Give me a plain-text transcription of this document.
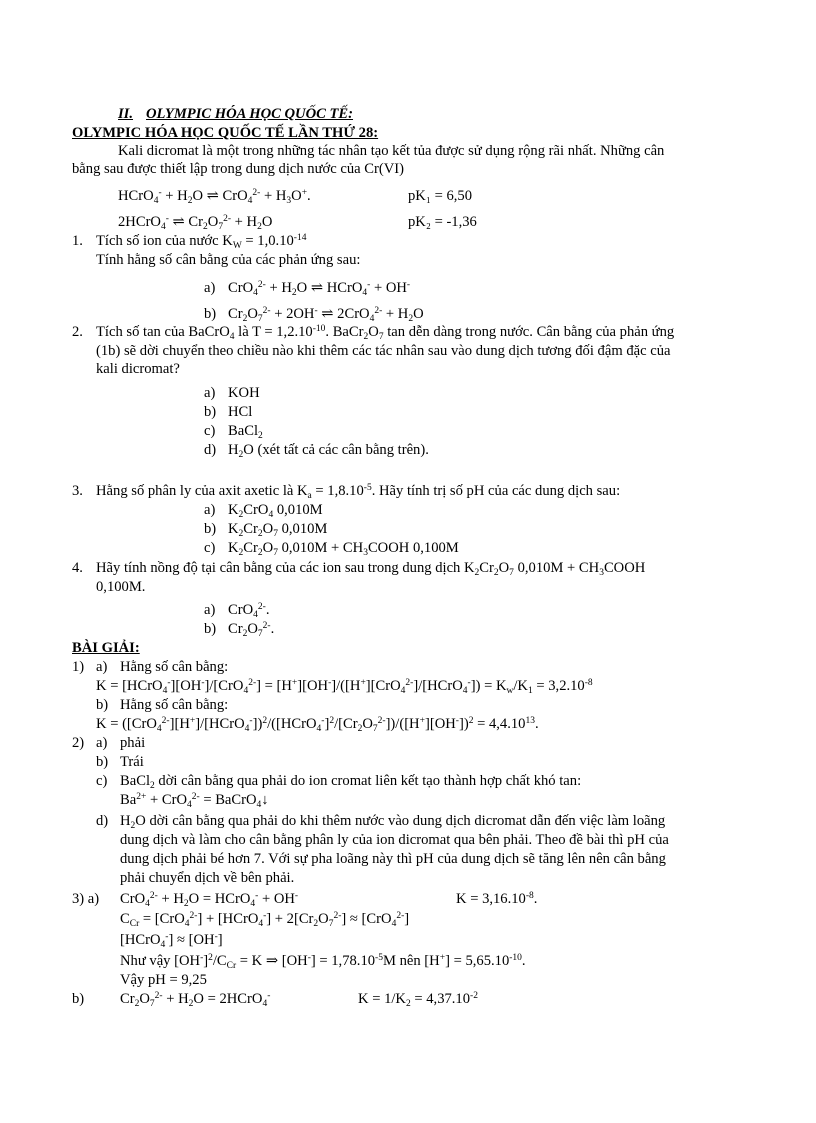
II. OLYMPIC HÓA HỌC QUỐC TẾ:
OLYMPIC HÓA HỌC QUỐC TẾ LẦN THỨ 28:
Kali dicromat là một trong những tác nhân tạo kết tủa được sử dụng rộng rãi nhất. Những cân
bằng sau được thiết lập trong dung dịch nước của Cr(VI)
HCrO$_4$- + $H_2O$ ⇌ $CrO_4^{2-} + H_3O^+$.	pK₁ = 6,50
2HCrO$_4$- ⇌ $Cr_2O_7^{2-} + H_2O$	pK₂ = -1,36
1. Tích số ion của nước $K_W = 1,0.10^{-14}$
Tính hằng số cân bằng của các phản ứng sau:
a) $CrO_4^{2-} + H_2O$ ⇌ HCrO$_4$- + OH-
b) $Cr_2O_7^{2-} + 2OH^-$ ⇌ $2CrO_4^{2-} + H_2O$
2. Tích số tan của BaCrO$_4$ là $T = 1,2.10^{-10}$. $BaCr_2O_7$ tan dễn dàng trong nước. Cân bằng của phản ứng
(1b) sẽ dời chuyển theo chiều nào khi thêm các tác nhân sau vào dung dịch tương đối đậm đặc của
kali dicromat?
a) KOH
b) HCl
c) BaCl$_2$
d) $H_2O$ (xét tất cả các cân bằng trên).
3. Hằng số phân ly của axit axetic là $K_a = 1,8.10^{-5}$. Hãy tính trị số pH của các dung dịch sau:
a) $K_2CrO_4$ 0,010M
b) $K_2Cr_2O_7$ 0,010M
c) $K_2Cr_2O_7$ $0,010M + CH_3COOH$ 0,100M
4. Hãy tính nồng độ tại cân bằng của các ion sau trong dung dịch $K_2Cr_2O_7$ $0,010M + CH_3COOH$
0,100M.
a) CrO$_4^{2-}$.
b) $Cr_2O_7^{2-}$.
BÀI GIẢI:
1) a) Hằng số cân bằng:
K = [HCrO$_4$-][OH-]/[CrO$_4^{2-}$] = [H+][OH-]/([H+][CrO$_4^{2-}$]/[HCrO$_4$-]) = $K_w/K_1 = 3,2.10^{-8}$
b) Hằng số cân bằng:
$K = ([CrO_4^{2-}][H^+]/[HCrO_4^-])^2/([HCrO_4^-]^2/[Cr_2O_7^{2-}])/([H^+][OH^-])^2 = 4,4.10^{13}$.
2) a) phải
b) Trái
c) BaCl$_2$ dời cân bằng qua phải do ion cromat liên kết tạo thành hợp chất khó tan:
$Ba^{2+} + CrO_4^{2-}$ = BaCrO$_4$↓
d) $H_2O$ dời cân bằng qua phải do khi thêm nước vào dung dịch dicromat dẫn đến việc làm loãng
dung dịch và làm cho cân bằng phân ly của ion dicromat qua bên phải. Theo đề bài thì pH của
dung dịch phải bé hơn 7. Với sự pha loãng này thì pH của dung dịch sẽ tăng lên nên cân bằng
phải chuyển dịch về bên phải.
3) a) $CrO_4^{2-} + H_2O$ = HCrO$_4$- + OH-	$K = 3,16.10^{-8}$.
$C_{Cr} = [CrO_4^{2-}]$ + [HCrO$_4$-] + $2[Cr_2O_7^{2-}] \approx [CrO_4^{2-}]$
[HCrO$_4$-] ≈ [OH-]
Như vậy $[OH^-]^2/C_{Cr} = K$ ⇒ $[OH^-] = 1,78.10^{-5}M$ nên $[H^+] = 5,65.10^{-10}$.
Vậy pH = 9,25
b) $Cr_2O_7^{2-} + H_2O$ = 2HCrO$_4$-	$K = 1/K_2 = 4,37.10^{-2}$
